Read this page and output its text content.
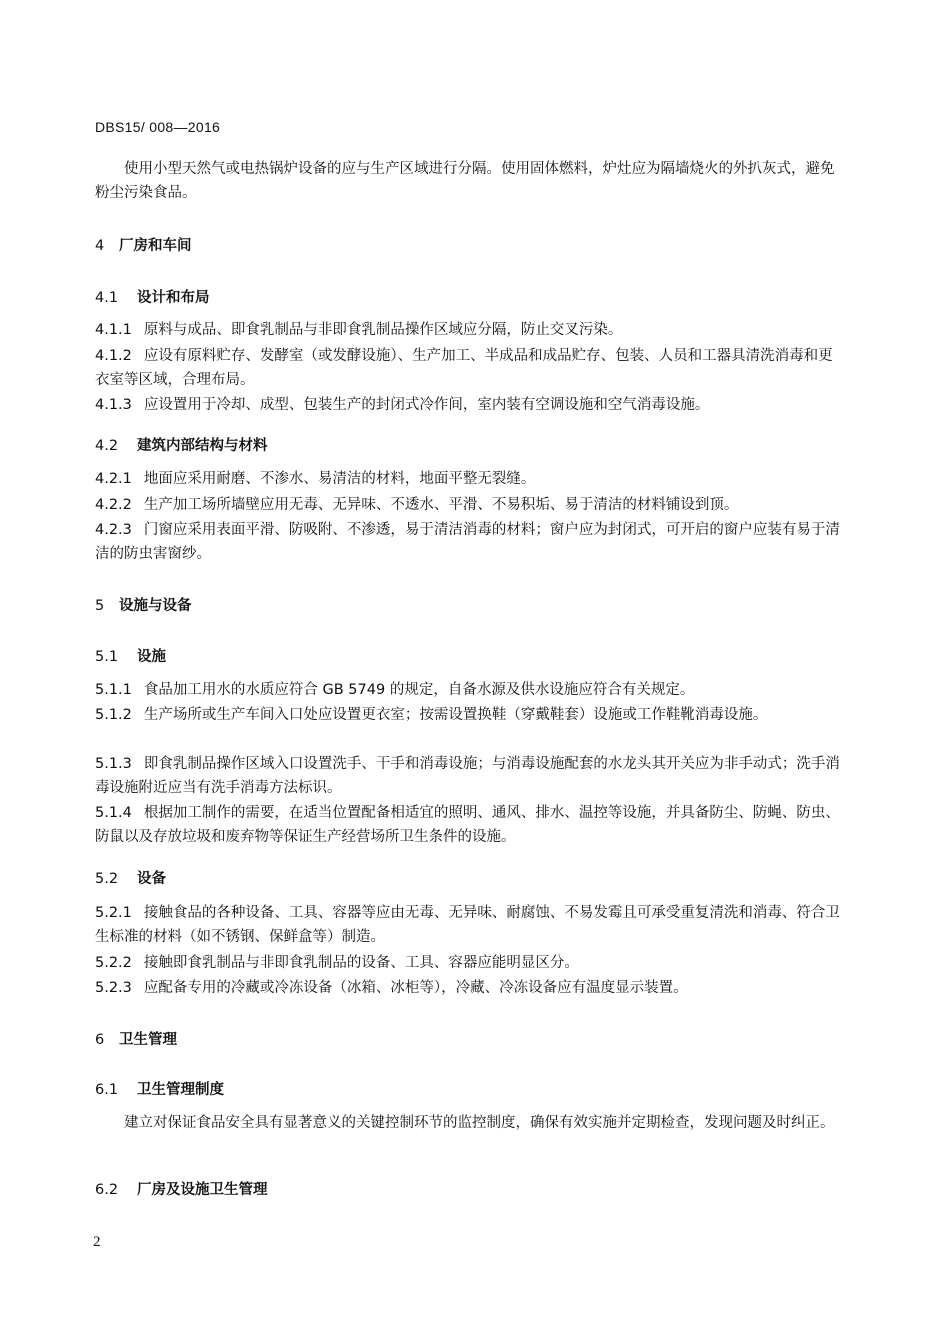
DBS15/ 008—2016
使用小型天然气或电热锅炉设备的应与生产区域进行分隔。使用固体燃料，炉灶应为隔墙烧火的外扒灰式，避免粉尘污染食品。
4 厂房和车间
4.1 设计和布局
4.1.1 原料与成品、即食乳制品与非即食乳制品操作区域应分隔，防止交叉污染。
4.1.2 应设有原料贮存、发酵室（或发酵设施）、生产加工、半成品和成品贮存、包装、人员和工器具清洗消毒和更衣室等区域，合理布局。
4.1.3 应设置用于冷却、成型、包装生产的封闭式冷作间，室内装有空调设施和空气消毒设施。
4.2 建筑内部结构与材料
4.2.1 地面应采用耐磨、不渗水、易清洁的材料，地面平整无裂缝。
4.2.2 生产加工场所墙壁应用无毒、无异味、不透水、平滑、不易积垢、易于清洁的材料铺设到顶。
4.2.3 门窗应采用表面平滑、防吸附、不渗透，易于清洁消毒的材料；窗户应为封闭式，可开启的窗户应装有易于清洁的防虫害窗纱。
5 设施与设备
5.1 设施
5.1.1 食品加工用水的水质应符合 GB 5749 的规定，自备水源及供水设施应符合有关规定。
5.1.2 生产场所或生产车间入口处应设置更衣室；按需设置换鞋（穿戴鞋套）设施或工作鞋靴消毒设施。
5.1.3 即食乳制品操作区域入口设置洗手、干手和消毒设施；与消毒设施配套的水龙头其开关应为非手动式；洗手消毒设施附近应当有洗手消毒方法标识。
5.1.4 根据加工制作的需要，在适当位置配备相适宜的照明、通风、排水、温控等设施，并具备防尘、防蝇、防虫、防鼠以及存放垃圾和废弃物等保证生产经营场所卫生条件的设施。
5.2 设备
5.2.1 接触食品的各种设备、工具、容器等应由无毒、无异味、耐腐蚀、不易发霉且可承受重复清洗和消毒、符合卫生标准的材料（如不锈钢、保鲜盒等）制造。
5.2.2 接触即食乳制品与非即食乳制品的设备、工具、容器应能明显区分。
5.2.3 应配备专用的冷藏或冷冻设备（冰箱、冰柜等），冷藏、冷冻设备应有温度显示装置。
6 卫生管理
6.1 卫生管理制度
建立对保证食品安全具有显著意义的关键控制环节的监控制度，确保有效实施并定期检查，发现问题及时纠正。
6.2 厂房及设施卫生管理
2
